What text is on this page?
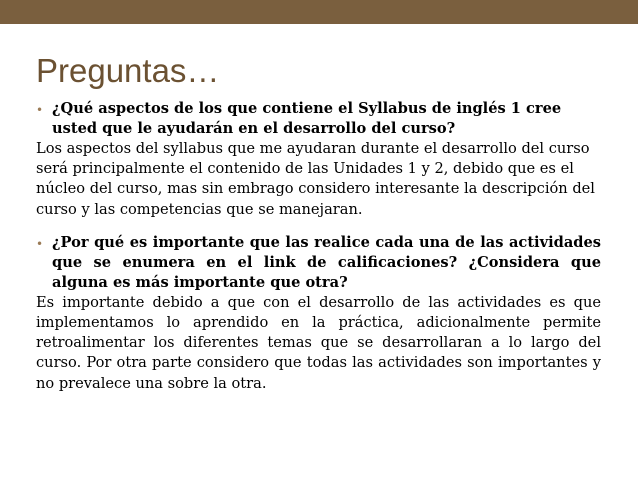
Preguntas…
• ¿Qué aspectos de los que contiene el Syllabus de inglés 1 cree usted que le ayudarán en el desarrollo del curso?

Los aspectos del syllabus que me ayudaran durante el desarrollo del curso será principalmente el contenido de las Unidades 1 y 2, debido que es el núcleo del curso, mas sin embrago considero interesante la descripción del curso y las competencias que se manejaran.

• ¿Por qué es importante que las realice cada una de las actividades que se enumera en el link de calificaciones? ¿Considera que alguna es más importante que otra?

Es importante debido a que con el desarrollo de las actividades es que implementamos lo aprendido en la práctica, adicionalmente permite retroalimentar los diferentes temas que se desarrollaran a lo largo del curso. Por otra parte considero que todas las actividades son importantes y no prevalece una sobre la otra.
